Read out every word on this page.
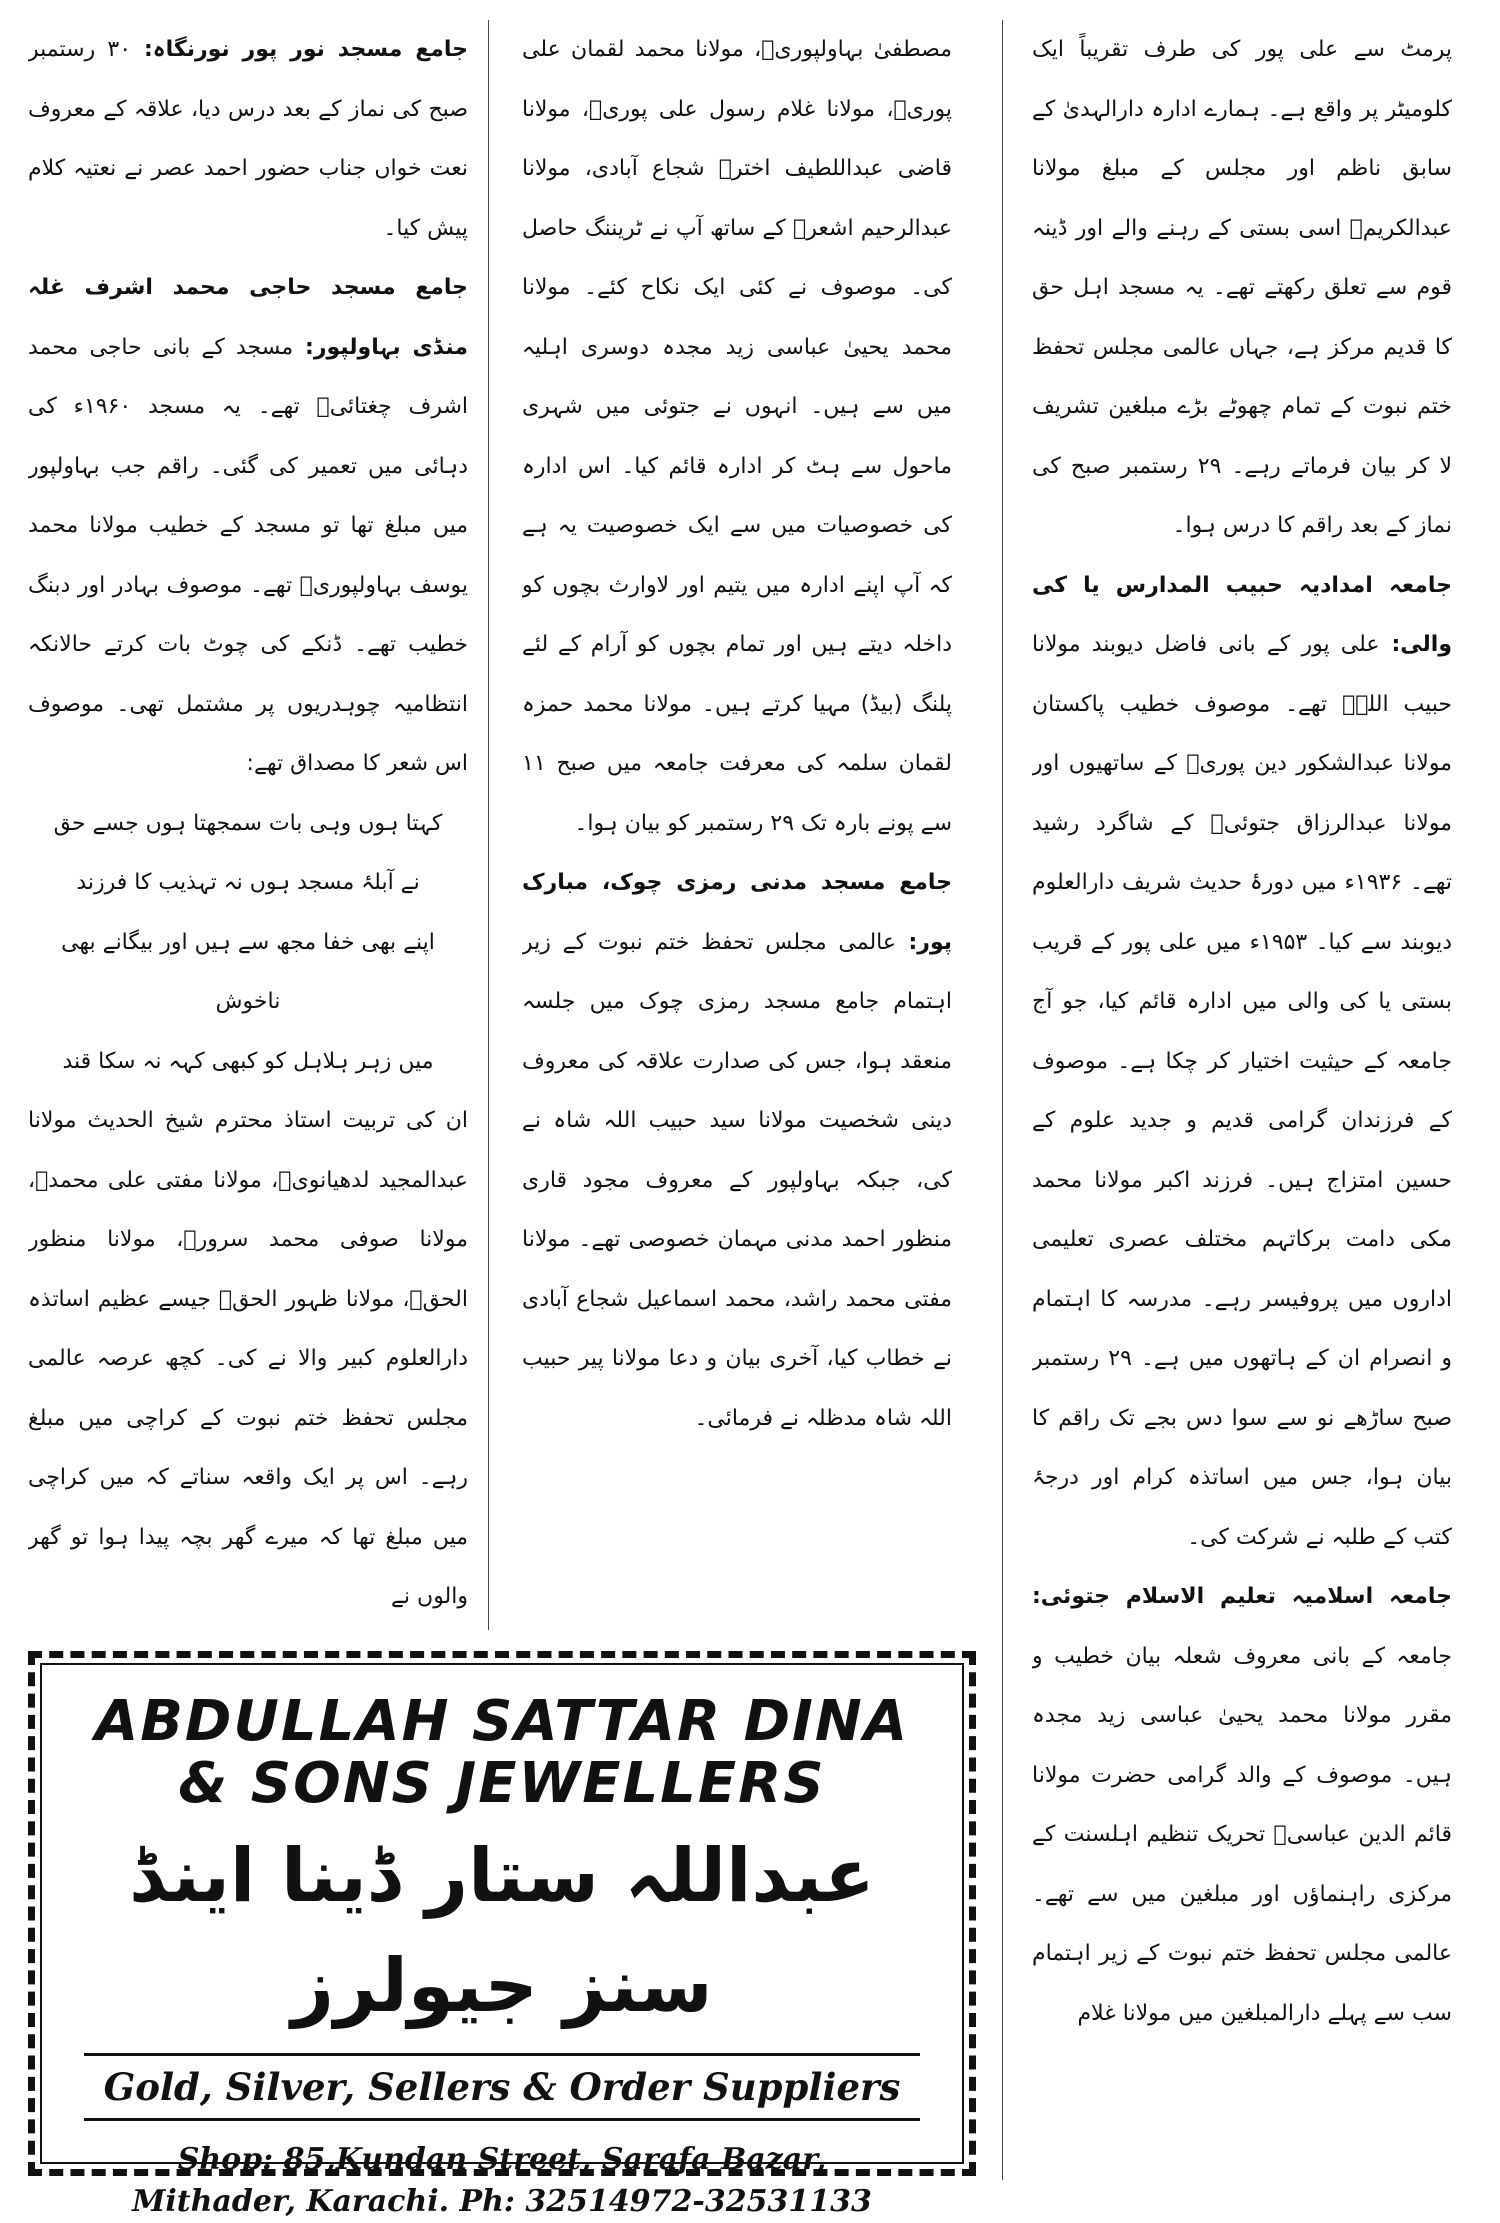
پرمٹ سے علی پور کی طرف تقریباً ایک کلومیٹر پر واقع ہے۔ ہمارے ادارہ دارالہدیٰ کے سابق ناظم اور مجلس کے مبلغ مولانا عبدالکریمؒ اسی بستی کے رہنے والے اور ڈینہ قوم سے تعلق رکھتے تھے۔ یہ مسجد اہل حق کا قدیم مرکز ہے، جہاں عالمی مجلس تحفظ ختم نبوت کے تمام چھوٹے بڑے مبلغین تشریف لا کر بیان فرماتے رہے۔ ۲۹ رستمبر صبح کی نماز کے بعد راقم کا درس ہوا۔

جامعہ امدادیہ حبیب المدارس یا کی والی: علی پور کے بانی فاضل دیوبند مولانا حبیب اللہؒ تھے۔ موصوف خطیب پاکستان مولانا عبدالشکور دین پوریؒ کے ساتھیوں اور مولانا عبدالرزاق جتوئیؒ کے شاگرد رشید تھے۔ ۱۹۳۶ء میں دورۂ حدیث شریف دارالعلوم دیوبند سے کیا۔ ۱۹۵۳ء میں علی پور کے قریب بستی یا کی والی میں ادارہ قائم کیا، جو آج جامعہ کے حیثیت اختیار کر چکا ہے۔ موصوف کے فرزندان گرامی قدیم و جدید علوم کے حسین امتزاج ہیں۔ فرزند اکبر مولانا محمد مکی دامت برکاتہم مختلف عصری تعلیمی اداروں میں پروفیسر رہے۔ مدرسہ کا اہتمام و انصرام ان کے ہاتھوں میں ہے۔ ۲۹ رستمبر صبح ساڑھے نو سے سوا دس بجے تک راقم کا بیان ہوا، جس میں اساتذہ کرام اور درجۂ کتب کے طلبہ نے شرکت کی۔

جامعہ اسلامیہ تعلیم الاسلام جتوئی: جامعہ کے بانی معروف شعلہ بیان خطیب و مقرر مولانا محمد یحییٰ عباسی زید مجدہ ہیں۔ موصوف کے والد گرامی حضرت مولانا قائم الدین عباسیؒ تحریک تنظیم اہلسنت کے مرکزی راہنماؤں اور مبلغین میں سے تھے۔ عالمی مجلس تحفظ ختم نبوت کے زیر اہتمام سب سے پہلے دارالمبلغین میں مولانا غلام

مصطفیٰ بہاولپوریؒ، مولانا محمد لقمان علی پوریؒ، مولانا غلام رسول علی پوریؒ، مولانا قاضی عبداللطیف اخترؒ شجاع آبادی، مولانا عبدالرحیم اشعرؒ کے ساتھ آپ نے ٹریننگ حاصل کی۔ موصوف نے کئی ایک نکاح کئے۔ مولانا محمد یحییٰ عباسی زید مجدہ دوسری اہلیہ میں سے ہیں۔ انہوں نے جتوئی میں شہری ماحول سے ہٹ کر ادارہ قائم کیا۔ اس ادارہ کی خصوصیات میں سے ایک خصوصیت یہ ہے کہ آپ اپنے ادارہ میں یتیم اور لاوارث بچوں کو داخلہ دیتے ہیں اور تمام بچوں کو آرام کے لئے پلنگ (بیڈ) مہیا کرتے ہیں۔ مولانا محمد حمزہ لقمان سلمہ کی معرفت جامعہ میں صبح ۱۱ سے پونے بارہ تک ۲۹ رستمبر کو بیان ہوا۔

جامع مسجد مدنی رمزی چوک، مبارک پور: عالمی مجلس تحفظ ختم نبوت کے زیر اہتمام جامع مسجد رمزی چوک میں جلسہ منعقد ہوا، جس کی صدارت علاقہ کی معروف دینی شخصیت مولانا سید حبیب اللہ شاہ نے کی، جبکہ بہاولپور کے معروف مجود قاری منظور احمد مدنی مہمان خصوصی تھے۔ مولانا مفتی محمد راشد، محمد اسماعیل شجاع آبادی نے خطاب کیا، آخری بیان و دعا مولانا پیر حبیب اللہ شاہ مدظلہ نے فرمائی۔

جامع مسجد نور پور نورنگاہ: ۳۰ رستمبر صبح کی نماز کے بعد درس دیا، علاقہ کے معروف نعت خواں جناب حضور احمد عصر نے نعتیہ کلام پیش کیا۔

جامع مسجد حاجی محمد اشرف غلہ منڈی بہاولپور: مسجد کے بانی حاجی محمد اشرف چغتائیؒ تھے۔ یہ مسجد ۱۹۶۰ء کی دہائی میں تعمیر کی گئی۔ راقم جب بہاولپور میں مبلغ تھا تو مسجد کے خطیب مولانا محمد یوسف بہاولپوریؒ تھے۔ موصوف بہادر اور دبنگ خطیب تھے۔ ڈنکے کی چوٹ بات کرتے حالانکہ انتظامیہ چوہدریوں پر مشتمل تھی۔ موصوف اس شعر کا مصداق تھے:

کہتا ہوں وہی بات سمجھتا ہوں جسے حق

نے آبلۂ مسجد ہوں نہ تہذیب کا فرزند

اپنے بھی خفا مجھ سے ہیں اور بیگانے بھی ناخوش

میں زہر ہلاہل کو کبھی کہہ نہ سکا قند

ان کی تربیت استاذ محترم شیخ الحدیث مولانا عبدالمجید لدھیانویؒ، مولانا مفتی علی محمدؒ، مولانا صوفی محمد سرورؒ، مولانا منظور الحقؒ، مولانا ظہور الحقؒ جیسے عظیم اساتذہ دارالعلوم کبیر والا نے کی۔ کچھ عرصہ عالمی مجلس تحفظ ختم نبوت کے کراچی میں مبلغ رہے۔ اس پر ایک واقعہ سناتے کہ میں کراچی میں مبلغ تھا کہ میرے گھر بچہ پیدا ہوا تو گھر والوں نے

ABDULLAH SATTAR DINA

& SONS JEWELLERS

عبداللہ ستار ڈینا اینڈ سنز جیولرز

Gold, Silver, Sellers & Order Suppliers

Shop: 85,Kundan Street, Sarafa Bazar,

Mithader, Karachi. Ph: 32514972-32531133
